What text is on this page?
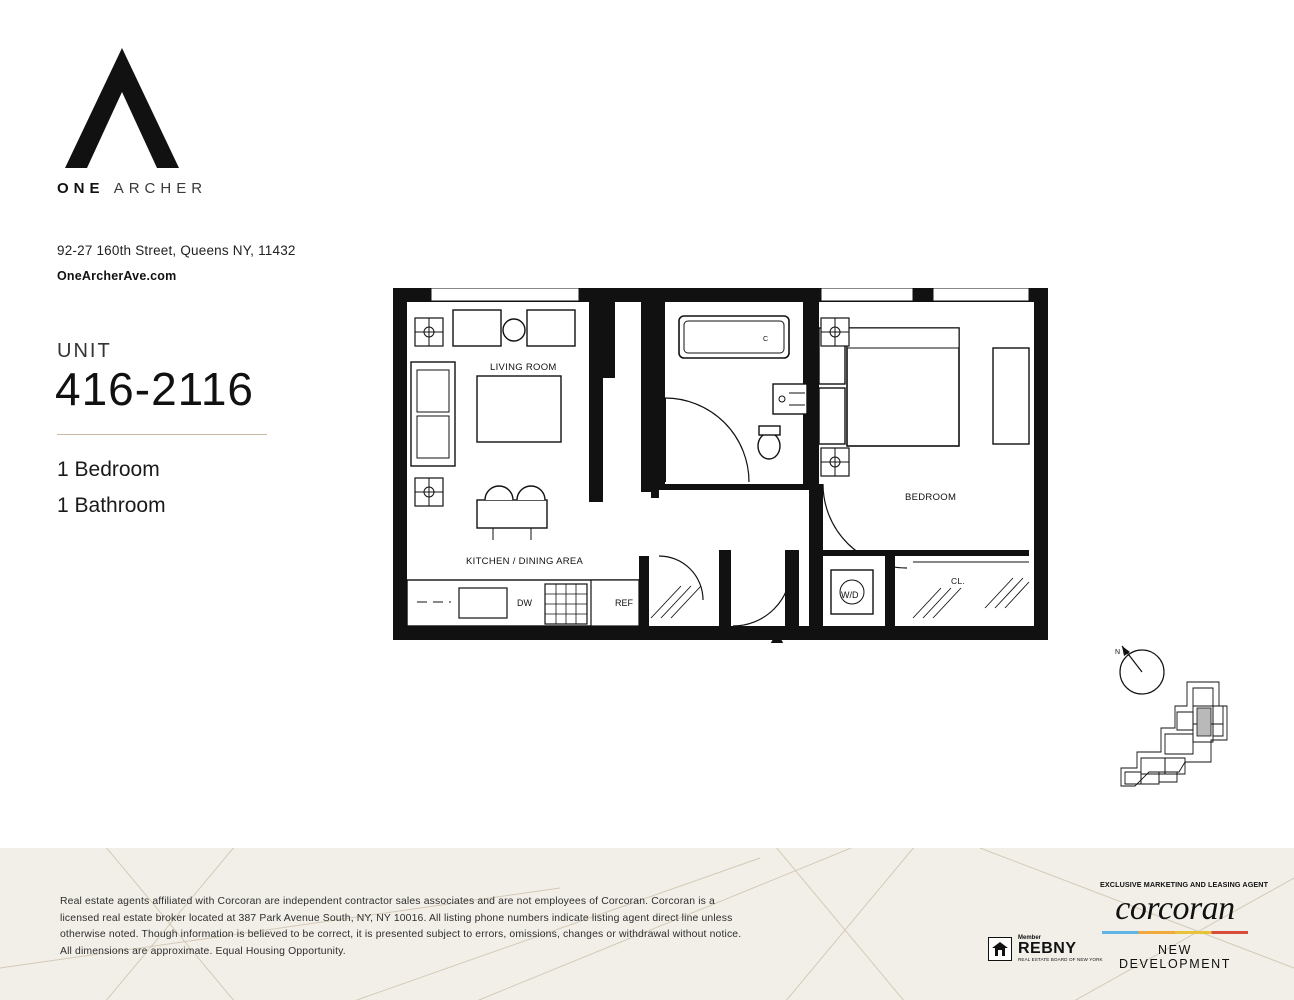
ONE ARCHER
92-27 160th Street, Queens NY, 11432
OneArcherAve.com
UNIT
416-2116
1 Bedroom
1 Bathroom
C
LIVING ROOM
KITCHEN / DINING AREA
BEDROOM
CL.
DW	REF
W/D
N
Real estate agents affiliated with Corcoran are independent contractor sales associates and are not employees of Corcoran. Corcoran is a licensed real estate broker located at 387 Park Avenue South, NY, NY 10016. All listing phone numbers indicate listing agent direct line unless otherwise noted. Though information is believed to be correct, it is presented subject to errors, omissions, changes or withdrawal without notice. All dimensions are approximate. Equal Housing Opportunity.
Member
REBNY
REAL ESTATE BOARD OF NEW YORK
EXCLUSIVE MARKETING AND LEASING AGENT
corcoran
NEW DEVELOPMENT
